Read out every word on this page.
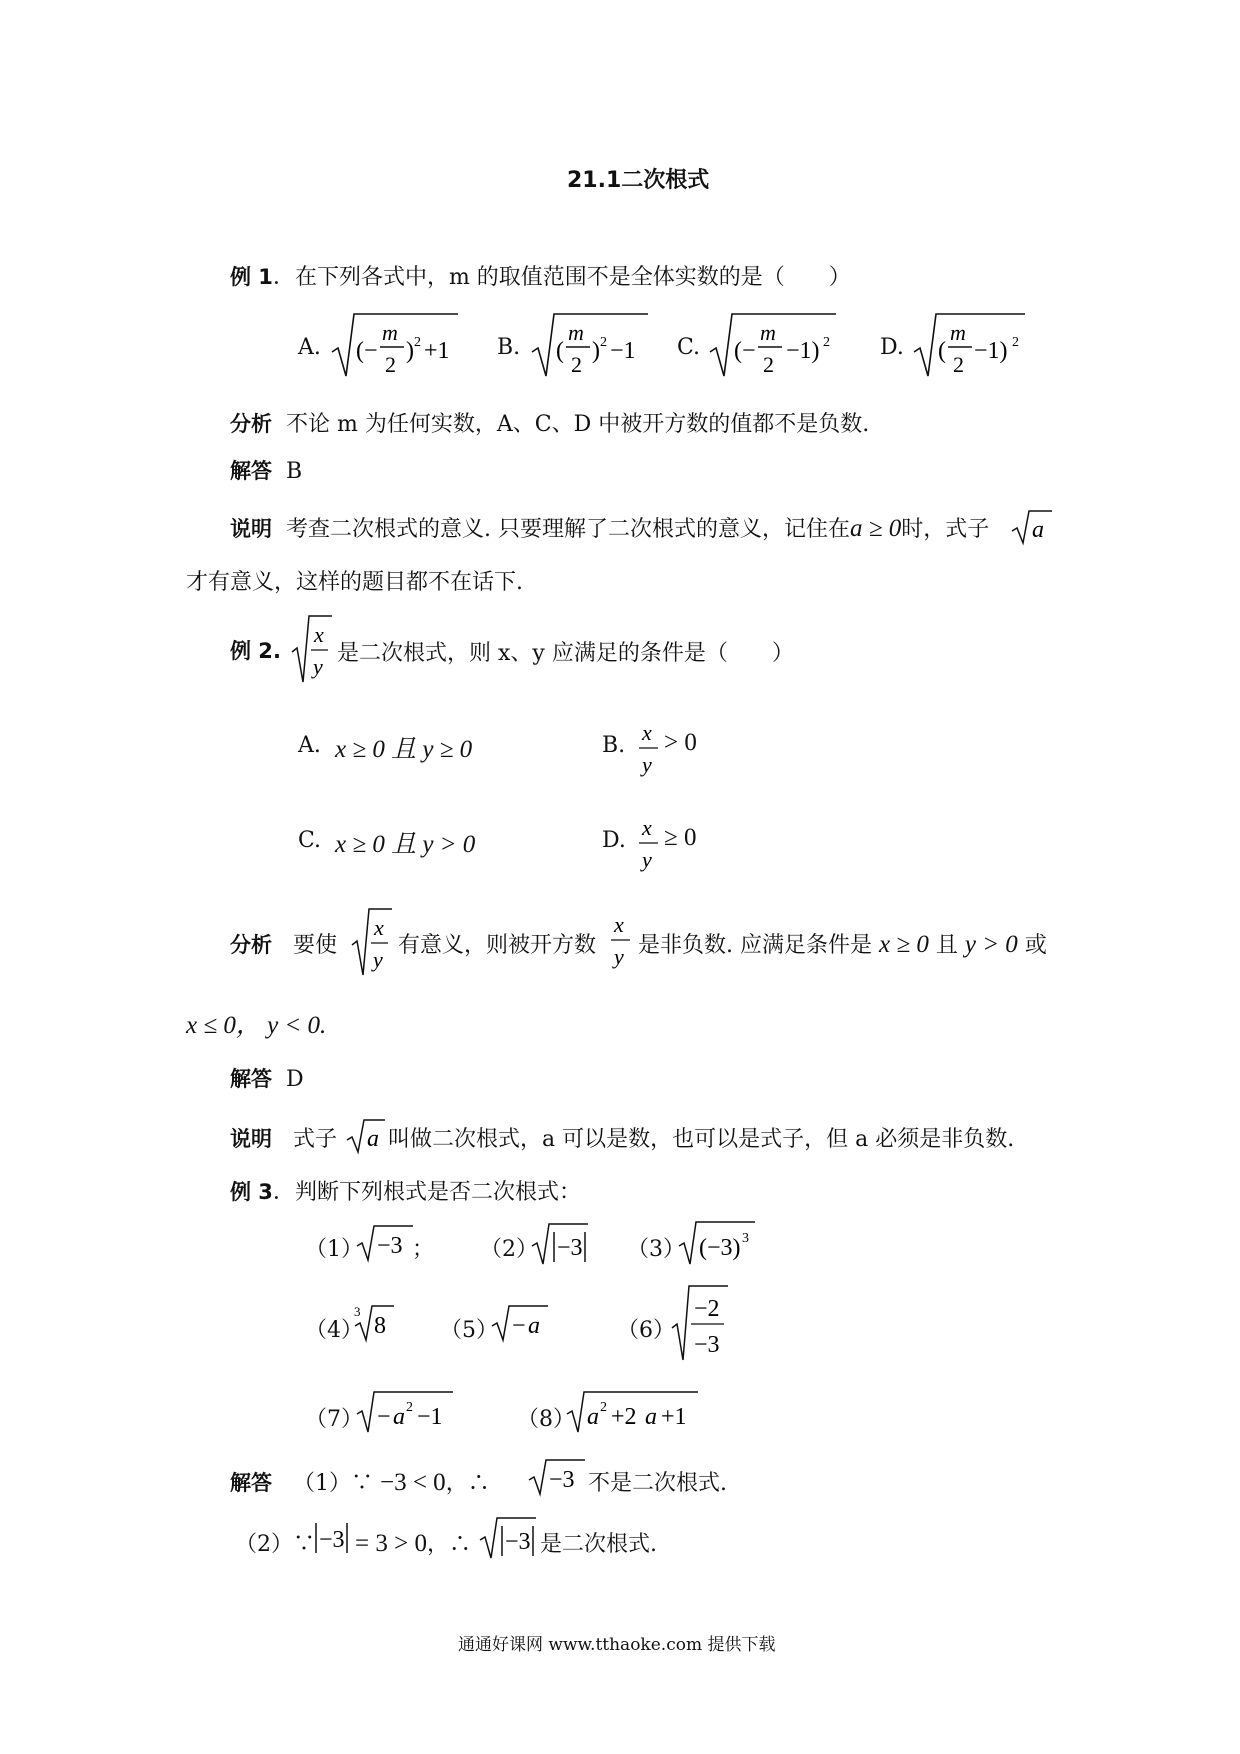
21.1二次根式
例 1．在下列各式中，m 的取值范围不是全体实数的是（　　）
A. (−
m
2
) 2 +1 B. (
m
2
) 2 −1 C. (−
m
2
−1) 2 D. (
m
2
−1) 2
分析 不论 m 为任何实数，A、C、D 中被开方数的值都不是负数.
解答 B
说明 考查二次根式的意义. 只要理解了二次根式的意义，记住在a ≥ 0时，式子 a
才有意义，这样的题目都不在话下.
例 2.
x
y
是二次根式，则 x、y 应满足的条件是（　　）
A. x ≥ 0 且 y ≥ 0	B.
x
y
> 0
C. x ≥ 0 且 y > 0	D.
x
y
≥ 0
分析 要使
x
y
有意义，则被开方数
x
y 是非负数. 应满足条件是 x ≥ 0 且 y > 0 或
x ≤ 0， y < 0.
解答 D
说明 式子 a 叫做二次根式，a 可以是数，也可以是式子，但 a 必须是非负数.
例 3．判断下列根式是否二次根式：
（1） −3 ； （2） −3 （3） (−3) 3
（4）
3
8 （5） − a	（6）
−2
−3
（7） − a 2 −1	（8） a 2 +2 a +1
解答 （1）∵ −3 < 0，∴ −3 不是二次根式.
（2）∵ −3 = 3 > 0，∴ −3 是二次根式.
通通好课网 www.tthaoke.com 提供下载
